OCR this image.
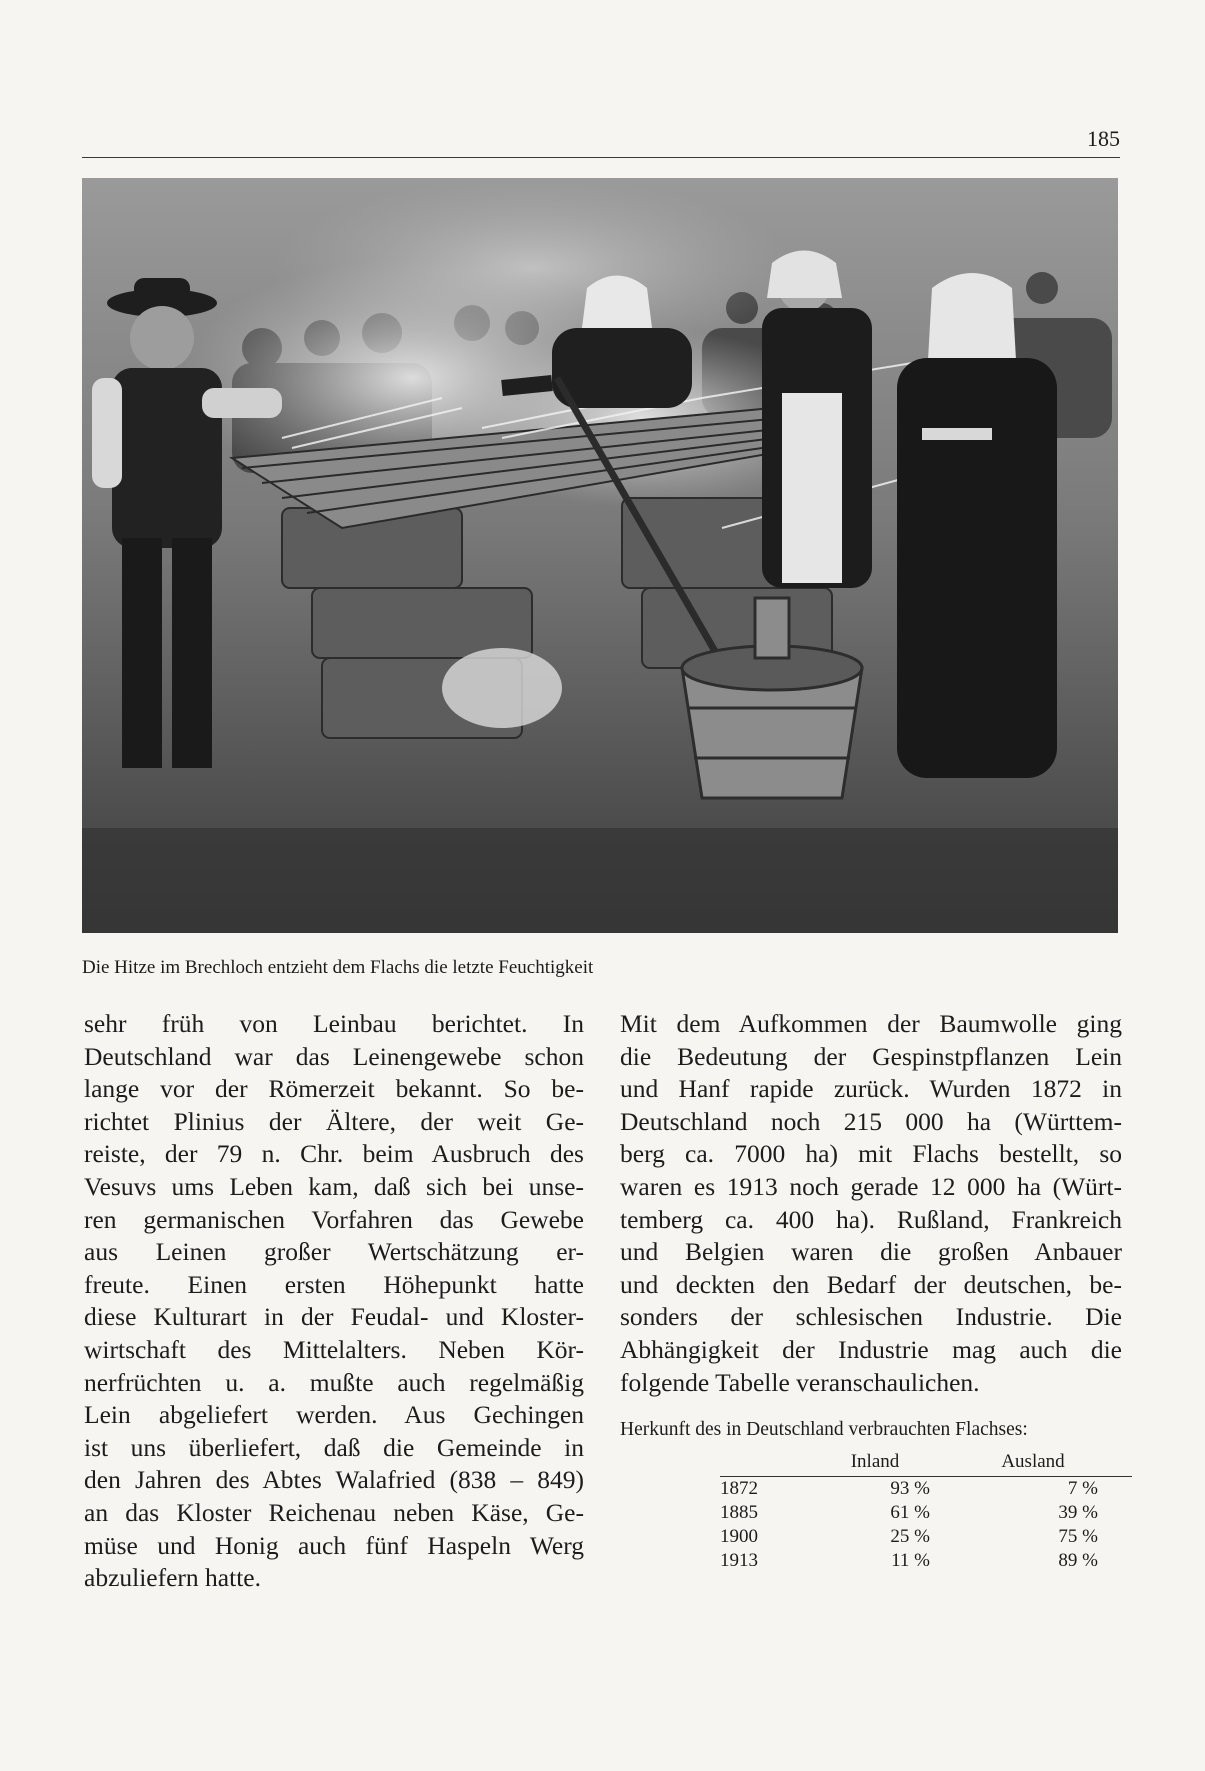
185
Die Hitze im Brechloch entzieht dem Flachs die letzte Feuchtigkeit
sehr früh von Leinbau berichtet. In
Deutschland war das Leinengewebe schon
lange vor der Römerzeit bekannt. So be-
richtet Plinius der Ältere, der weit Ge-
reiste, der 79 n. Chr. beim Ausbruch des
Vesuvs ums Leben kam, daß sich bei unse-
ren germanischen Vorfahren das Gewebe
aus Leinen großer Wertschätzung er-
freute. Einen ersten Höhepunkt hatte
diese Kulturart in der Feudal- und Kloster-
wirtschaft des Mittelalters. Neben Kör-
nerfrüchten u. a. mußte auch regelmäßig
Lein abgeliefert werden. Aus Gechingen
ist uns überliefert, daß die Gemeinde in
den Jahren des Abtes Walafried (838 – 849)
an das Kloster Reichenau neben Käse, Ge-
müse und Honig auch fünf Haspeln Werg
abzuliefern hatte.
Mit dem Aufkommen der Baumwolle ging
die Bedeutung der Gespinstpflanzen Lein
und Hanf rapide zurück. Wurden 1872 in
Deutschland noch 215 000 ha (Württem-
berg ca. 7000 ha) mit Flachs bestellt, so
waren es 1913 noch gerade 12 000 ha (Würt-
temberg ca. 400 ha). Rußland, Frankreich
und Belgien waren die großen Anbauer
und deckten den Bedarf der deutschen, be-
sonders der schlesischen Industrie. Die
Abhängigkeit der Industrie mag auch die
folgende Tabelle veranschaulichen.
Herkunft des in Deutschland verbrauchten Flachses:
	Inland	Ausland
1872	93 %	7 %
1885	61 %	39 %
1900	25 %	75 %
1913	11 %	89 %
